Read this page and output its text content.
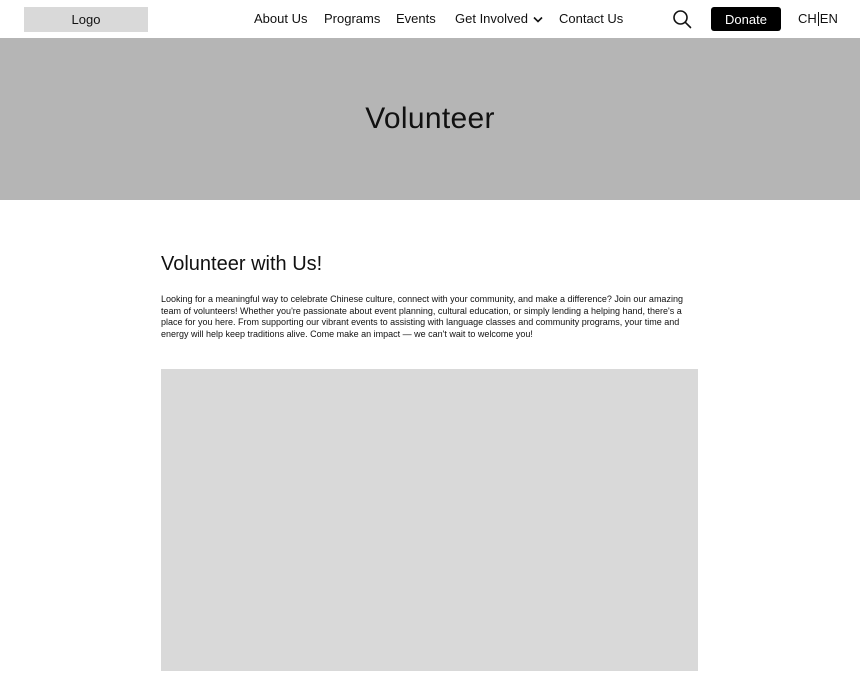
Logo	About Us Programs Events Get Involved Contact Us	Donate	CH EN
Volunteer
Volunteer with Us!

Looking for a meaningful way to celebrate Chinese culture, connect with your community, and make a difference? Join our amazing team of volunteers! Whether you're passionate about event planning, cultural education, or simply lending a helping hand, there's a place for you here. From supporting our vibrant events to assisting with language classes and community programs, your time and energy will help keep traditions alive. Come make an impact — we can't wait to welcome you!
